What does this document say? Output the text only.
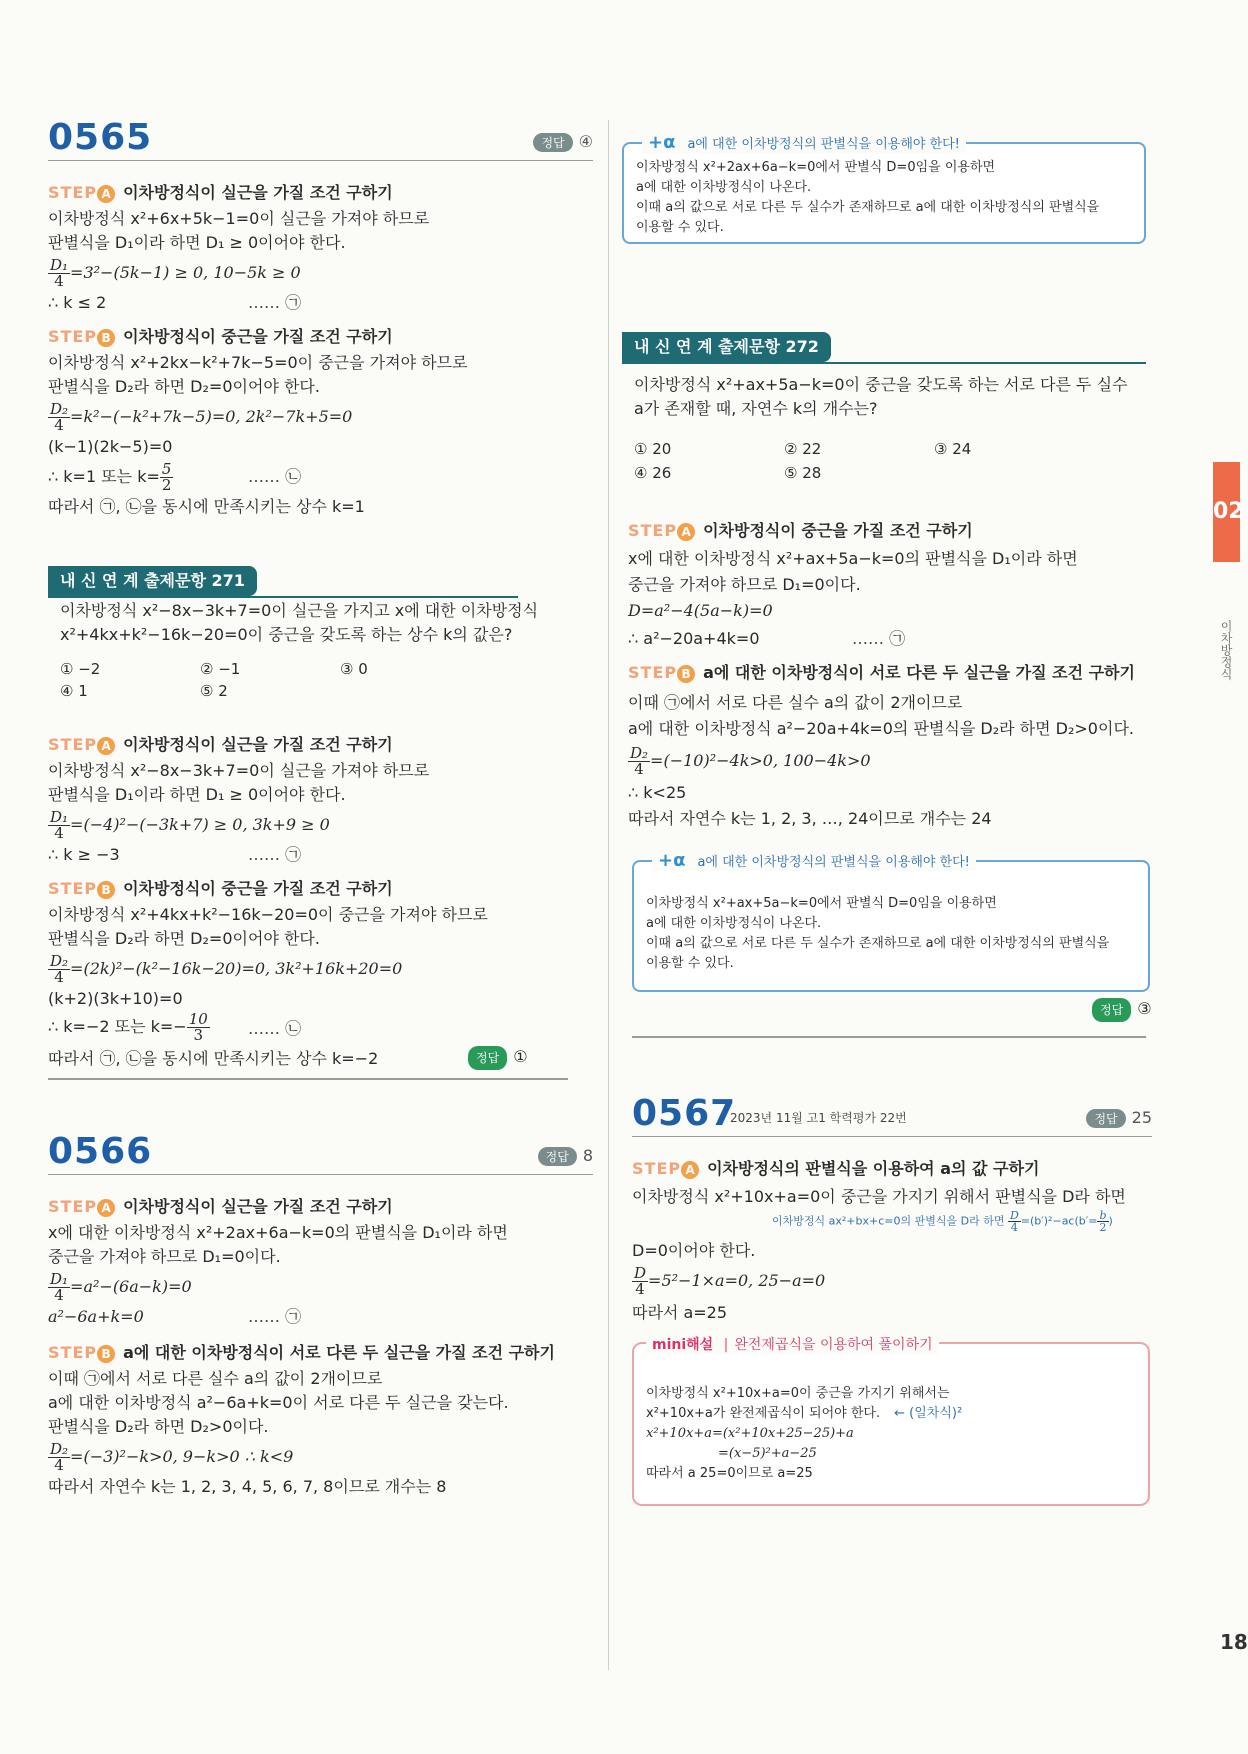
0565	정답 ④
STEP A 이차방정식이 실근을 가질 조건 구하기
이차방정식 x²+6x+5k−1=0이 실근을 가져야 하므로
판별식을 D₁이라 하면 D₁ ≥ 0이어야 한다.
$\frac{\text{D₁}}{4} =3^2-(5k-1) \ge 0$, 10−5k ≥ 0
∴ k ≤ 2	…… ㉠
STEP B 이차방정식이 중근을 가질 조건 구하기
이차방정식 x²+2kx−k²+7k−5=0이 중근을 가져야 하므로
판별식을 D₂라 하면 D₂=0이어야 한다.
$\frac{\text{D₂}}{4} =k^2-(-k^2+7k-5)=0$, 2k²−7k+5=0
(k−1)(2k−5)=0
∴ k=1 또는 $k= \frac{5}{2}$	…… ㉡
따라서 ㉠, ㉡을 동시에 만족시키는 상수 k=1
내 신 연 계 출제문항 271
이차방정식 x²−8x−3k+7=0이 실근을 가지고 x에 대한 이차방정식
x²+4kx+k²−16k−20=0이 중근을 갖도록 하는 상수 k의 값은?
① −2	② −1	③ 0
④ 1	⑤ 2
STEP A 이차방정식이 실근을 가질 조건 구하기
이차방정식 x²−8x−3k+7=0이 실근을 가져야 하므로
판별식을 D₁이라 하면 D₁ ≥ 0이어야 한다.
$\frac{\text{D₁}}{4} =(-4)^2-(-3k+7) \ge 0$, 3k+9 ≥ 0
∴ k ≥ −3	…… ㉠
STEP B 이차방정식이 중근을 가질 조건 구하기
이차방정식 x²+4kx+k²−16k−20=0이 중근을 가져야 하므로
판별식을 D₂라 하면 D₂=0이어야 한다.
$\frac{\text{D₂}}{4} =(2k)^2-(k^2-16k-20)=0$, 3k²+16k+20=0
(k+2)(3k+10)=0
∴ k=−2 또는 $k=- \frac{10}{3}$ …… ㉡
따라서 ㉠, ㉡을 동시에 만족시키는 상수 k=−2	정답 ①
0566	정답 8
STEP A 이차방정식이 실근을 가질 조건 구하기
x에 대한 이차방정식 x²+2ax+6a−k=0의 판별식을 D₁이라 하면
중근을 가져야 하므로 D₁=0이다.
$\frac{\text{D₁}}{4} =a^2-(6a-k)=0$
a²−6a+k=0	…… ㉠
STEP B a에 대한 이차방정식이 서로 다른 두 실근을 가질 조건 구하기
이때 ㉠에서 서로 다른 실수 a의 값이 2개이므로
a에 대한 이차방정식 a²−6a+k=0이 서로 다른 두 실근을 갖는다.
판별식을 D₂라 하면 D₂>0이다.
$\frac{\text{D₂}}{4} =(-3)^2-k>0$, 9−k>0 ∴ k<9
따라서 자연수 k는 1, 2, 3, 4, 5, 6, 7, 8이므로 개수는 8
+α a에 대한 이차방정식의 판별식을 이용해야 한다!
이차방정식 x²+2ax+6a−k=0에서 판별식 D=0임을 이용하면
a에 대한 이차방정식이 나온다.
이때 a의 값으로 서로 다른 두 실수가 존재하므로 a에 대한 이차방정식의 판별식을
이용할 수 있다.
내 신 연 계 출제문항 272
이차방정식 x²+ax+5a−k=0이 중근을 갖도록 하는 서로 다른 두 실수
a가 존재할 때, 자연수 k의 개수는?
① 20	② 22	③ 24
④ 26	⑤ 28
STEP A 이차방정식이 중근을 가질 조건 구하기
x에 대한 이차방정식 x²+ax+5a−k=0의 판별식을 D₁이라 하면
중근을 가져야 하므로 D₁=0이다.
D=a²−4(5a−k)=0
∴ a²−20a+4k=0	…… ㉠
STEP B a에 대한 이차방정식이 서로 다른 두 실근을 가질 조건 구하기
이때 ㉠에서 서로 다른 실수 a의 값이 2개이므로
a에 대한 이차방정식 a²−20a+4k=0의 판별식을 D₂라 하면 D₂>0이다.
$\frac{\text{D₂}}{4} =(-10)^2-4k>0$, 100−4k>0
∴ k<25
따라서 자연수 k는 1, 2, 3, …, 24이므로 개수는 24
+α a에 대한 이차방정식의 판별식을 이용해야 한다!
이차방정식 x²+ax+5a−k=0에서 판별식 D=0임을 이용하면
a에 대한 이차방정식이 나온다.
이때 a의 값으로 서로 다른 두 실수가 존재하므로 a에 대한 이차방정식의 판별식을
이용할 수 있다.
정답 ③
0567
2023년 11월 고1 학력평가 22번	정답 25
STEP A 이차방정식의 판별식을 이용하여 a의 값 구하기
이차방정식 x²+10x+a=0이 중근을 가지기 위해서 판별식을 D라 하면
이차방정식 ax²+bx+c=0의 판별식을 D라 하면 $\frac{D}{4} =(b')^2-ac(b'= \frac{b}{2}$ )
D=0이어야 한다.
$\frac{D}{4} =5^2-1\times a=0$, 25−a=0
따라서 a=25
mini해설 | 완전제곱식을 이용하여 풀이하기
이차방정식 x²+10x+a=0이 중근을 가지기 위해서는
x²+10x+a가 완전제곱식이 되어야 한다. ← (일차식)²
x²+10x+a=(x²+10x+25−25)+a
=(x−5)²+a−25
따라서 a 25=0이므로 a=25
02
이차방정식
18
